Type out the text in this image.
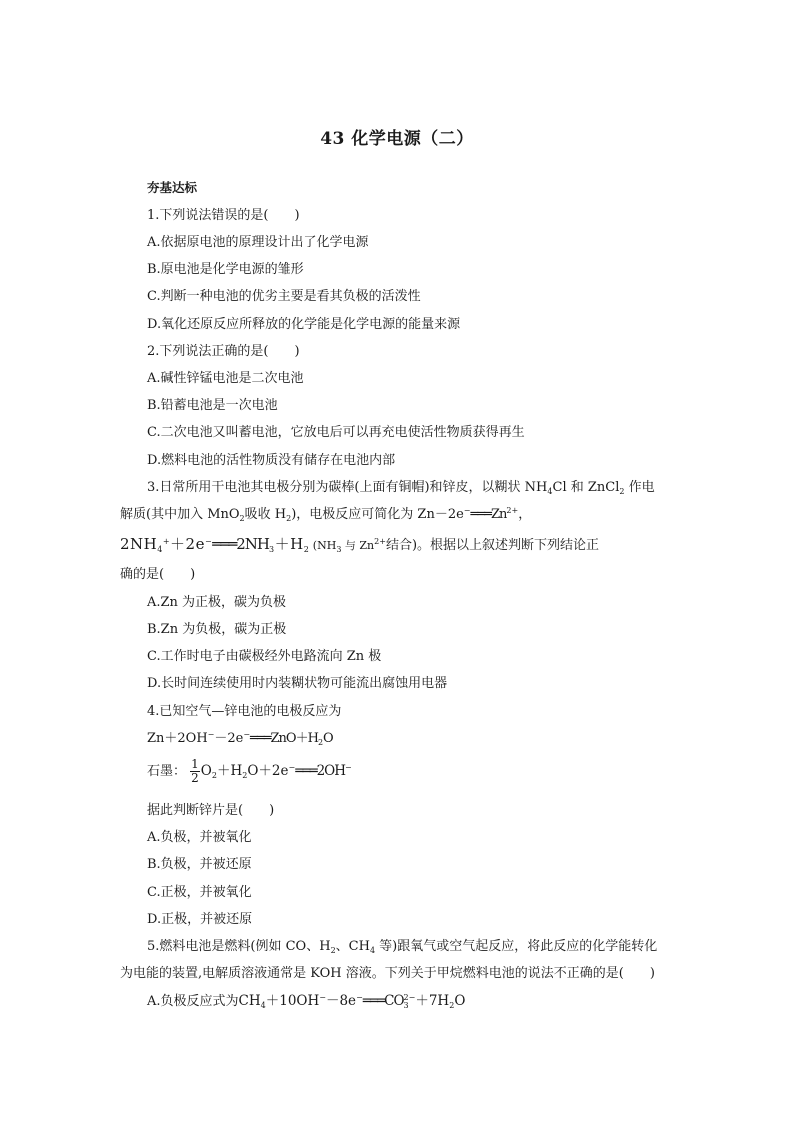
43 化学电源（二）
夯基达标
1.下列说法错误的是(　　)
A.依据原电池的原理设计出了化学电源
B.原电池是化学电源的雏形
C.判断一种电池的优劣主要是看其负极的活泼性
D.氧化还原反应所释放的化学能是化学电源的能量来源
2.下列说法正确的是(　　)
A.碱性锌锰电池是二次电池
B.铅蓄电池是一次电池
C.二次电池又叫蓄电池，它放电后可以再充电使活性物质获得再生
D.燃料电池的活性物质没有储存在电池内部
3.日常所用干电池其电极分别为碳棒(上面有铜帽)和锌皮，以糊状 $NH_4Cl$ 和 ZnCl$_2$ 作电
解质(其中加入 MnO$_2$吸收 $H_2$)，电极反应可简化为 $Zn-2e^-═══Zn^{2+}$，
$2NH_4^++2e^-═══2NH_3+H_2$ ($NH_3$ 与 $Zn^{2+}$结合)。根据以上叙述判断下列结论正
确的是(　　)
A.Zn 为正极，碳为负极
B.Zn 为负极，碳为正极
C.工作时电子由碳极经外电路流向 Zn 极
D.长时间连续使用时内装糊状物可能流出腐蚀用电器
4.已知空气—锌电池的电极反应为
$Zn+2OH^--2e^-═══ZnO+H_2O$
石墨： $\frac{1}{2}$ $O_2+H_2O+2e^-═══2OH^-$
据此判断锌片是(　　)
A.负极，并被氧化
B.负极，并被还原
C.正极，并被氧化
D.正极，并被还原
5.燃料电池是燃料(例如 CO、$H_2$、$CH_4$ 等)跟氧气或空气起反应，将此反应的化学能转化
为电能的装置,电解质溶液通常是 KOH 溶液。下列关于甲烷燃料电池的说法不正确的是(　　)
A.负极反应式为$CH_4+10OH^--8e^-═══CO$ 2−
$3 +7H_2O$
